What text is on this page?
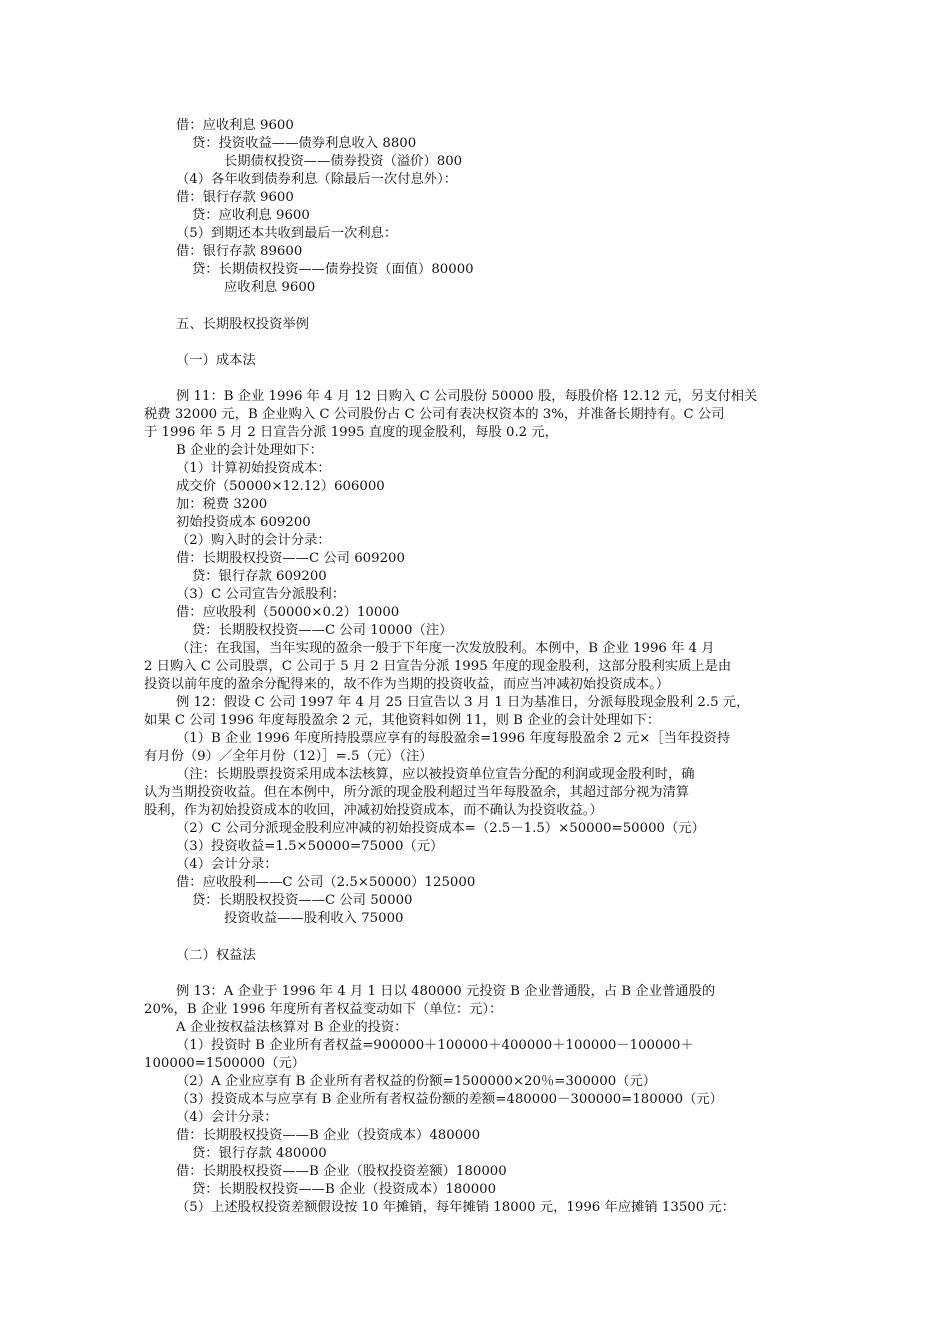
借：应收利息 9600
贷：投资收益——债券利息收入 8800
长期债权投资——债券投资（溢价）800
（4）各年收到债券利息（除最后一次付息外）：
借：银行存款 9600
贷：应收利息 9600
（5）到期还本共收到最后一次利息：
借：银行存款 89600
贷：长期债权投资——债券投资（面值）80000
应收利息 9600
五、长期股权投资举例
（一）成本法
例 11：B 企业 1996 年 4 月 12 日购入 C 公司股份 50000 股，每股价格 12.12 元，另支付相关
税费 32000 元，B 企业购入 C 公司股份占 C 公司有表决权资本的 3%，并准备长期持有。C 公司
于 1996 年 5 月 2 日宣告分派 1995 直度的现金股利，每股 0.2 元，
B 企业的会计处理如下：
（1）计算初始投资成本：
成交价（50000×12.12）606000
加：税费 3200
初始投资成本 609200
（2）购入时的会计分录：
借：长期股权投资——C 公司 609200
贷：银行存款 609200
（3）C 公司宣告分派股利：
借：应收股利（50000×0.2）10000
贷：长期股权投资——C 公司 10000（注）
（注：在我国，当年实现的盈余一般于下年度一次发放股利。本例中，B 企业 1996 年 4 月
2 日购入 C 公司股票，C 公司于 5 月 2 日宣告分派 1995 年度的现金股利，这部分股利实质上是由
投资以前年度的盈余分配得来的，故不作为当期的投资收益，而应当冲减初始投资成本。）
例 12：假设 C 公司 1997 年 4 月 25 日宣告以 3 月 1 日为基准日，分派每股现金股利 2.5 元，
如果 C 公司 1996 年度每股盈余 2 元，其他资料如例 11，则 B 企业的会计处理如下：
（1）B 企业 1996 年度所持股票应享有的每股盈余=1996 年度每股盈余 2 元×［当年投资持
有月份（9）／全年月份（12）］=.5（元）（注）
（注：长期股票投资采用成本法核算，应以被投资单位宣告分配的利润或现金股利时，确
认为当期投资收益。但在本例中，所分派的现金股利超过当年每股盈余，其超过部分视为清算
股利，作为初始投资成本的收回，冲减初始投资成本，而不确认为投资收益。）
（2）C 公司分派现金股利应冲减的初始投资成本=（2.5－1.5）×50000=50000（元）
（3）投资收益=1.5×50000=75000（元）
（4）会计分录：
借：应收股利——C 公司（2.5×50000）125000
贷：长期股权投资——C 公司 50000
投资收益——股利收入 75000
（二）权益法
例 13：A 企业于 1996 年 4 月 1 日以 480000 元投资 B 企业普通股，占 B 企业普通股的
20%，B 企业 1996 年度所有者权益变动如下（单位：元）：
A 企业按权益法核算对 B 企业的投资：
（1）投资时 B 企业所有者权益=900000＋100000＋400000＋100000－100000＋
100000=1500000（元）
（2）A 企业应享有 B 企业所有者权益的份额=1500000×20％=300000（元）
（3）投资成本与应享有 B 企业所有者权益份额的差额=480000－300000=180000（元）
（4）会计分录：
借：长期股权投资——B 企业（投资成本）480000
贷：银行存款 480000
借：长期股权投资——B 企业（股权投资差额）180000
贷：长期股权投资——B 企业（投资成本）180000
（5）上述股权投资差额假设按 10 年摊销，每年摊销 18000 元，1996 年应摊销 13500 元：
